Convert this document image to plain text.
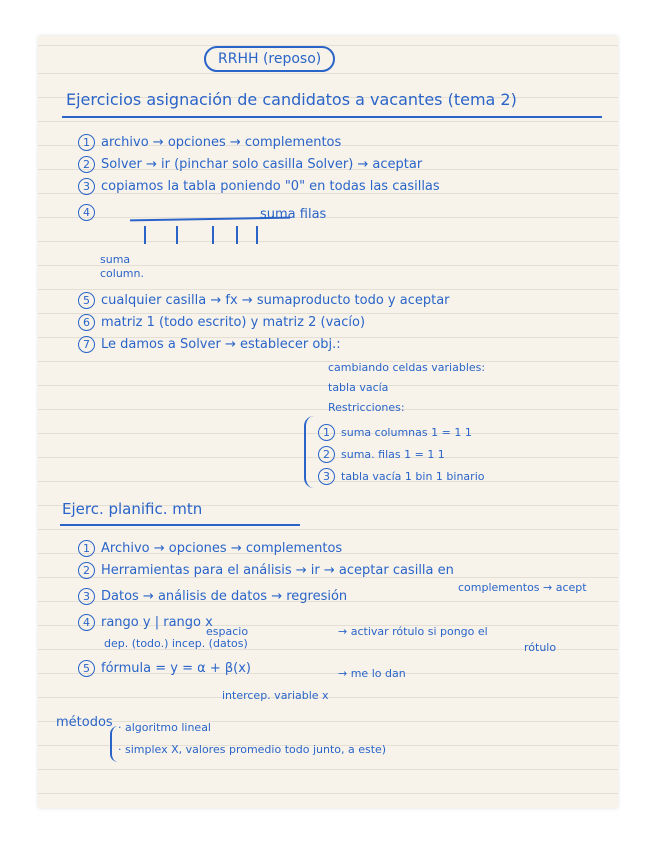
RRHH (reposo)
Ejercicios asignación de candidatos a vacantes (tema 2)
1 archivo → opciones → complementos
2 Solver → ir (pinchar solo casilla Solver) → aceptar
3 copiamos la tabla poniendo "0" en todas las casillas
4	suma filas
suma
column.
5 cualquier casilla → fx → sumaproducto todo y aceptar
6 matriz 1 (todo escrito) y matriz 2 (vacío)
7 Le damos a Solver → establecer obj.:
cambiando celdas variables:
tabla vacía
Restricciones:
1 suma columnas 1 = 1 1
2 suma. filas 1 = 1 1
3 tabla vacía 1 bin 1 binario
Ejerc. planific. mtn
1 Archivo → opciones → complementos
2 Herramientas para el análisis → ir → aceptar casilla en
complementos → acept
3 Datos → análisis de datos → regresión
4 rango y | rango x
espacio
dep. (todo.) incep. (datos)
→ activar rótulo si pongo el
rótulo
5 fórmula = y = α + β(x)	→ me lo dan
intercep. variable x
métodos · algoritmo lineal
· simplex X, valores promedio todo junto, a este)
